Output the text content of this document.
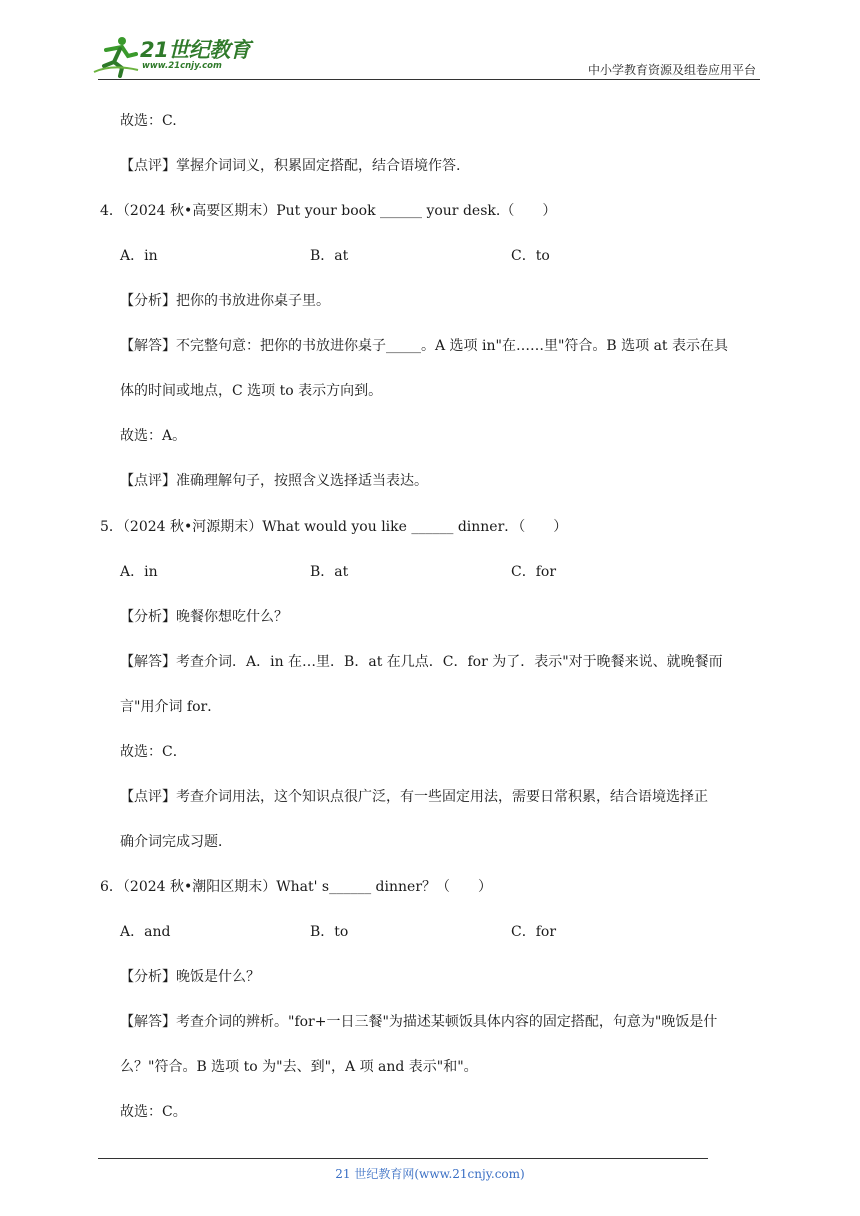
21世纪教育
www.21cnjy.com	中小学教育资源及组卷应用平台
故选：C.
【点评】掌握介词词义，积累固定搭配，结合语境作答.
4．（2024 秋•高要区期末）Put your book ______ your desk.（　　）
A．in	B．at	C．to
【分析】把你的书放进你桌子里。
【解答】不完整句意：把你的书放进你桌子_____。A 选项 in"在……里"符合。B 选项 at 表示在具
体的时间或地点，C 选项 to 表示方向到。
故选：A。
【点评】准确理解句子，按照含义选择适当表达。
5．（2024 秋•河源期末）What would you like ______ dinner．（　　）
A．in	B．at	C．for
【分析】晚餐你想吃什么？
【解答】考查介词．A．in 在…里．B．at 在几点．C．for 为了．表示"对于晚餐来说、就晚餐而
言"用介词 for．
故选：C．
【点评】考查介词用法，这个知识点很广泛，有一些固定用法，需要日常积累，结合语境选择正
确介词完成习题．
6．（2024 秋•潮阳区期末）What' s______ dinner？（　　）
A．and	B．to	C．for
【分析】晚饭是什么？
【解答】考查介词的辨析。"for+一日三餐"为描述某顿饭具体内容的固定搭配，句意为"晚饭是什
么？"符合。B 选项 to 为"去、到"，A 项 and 表示"和"。
故选：C。
21 世纪教育网(www.21cnjy.com)
